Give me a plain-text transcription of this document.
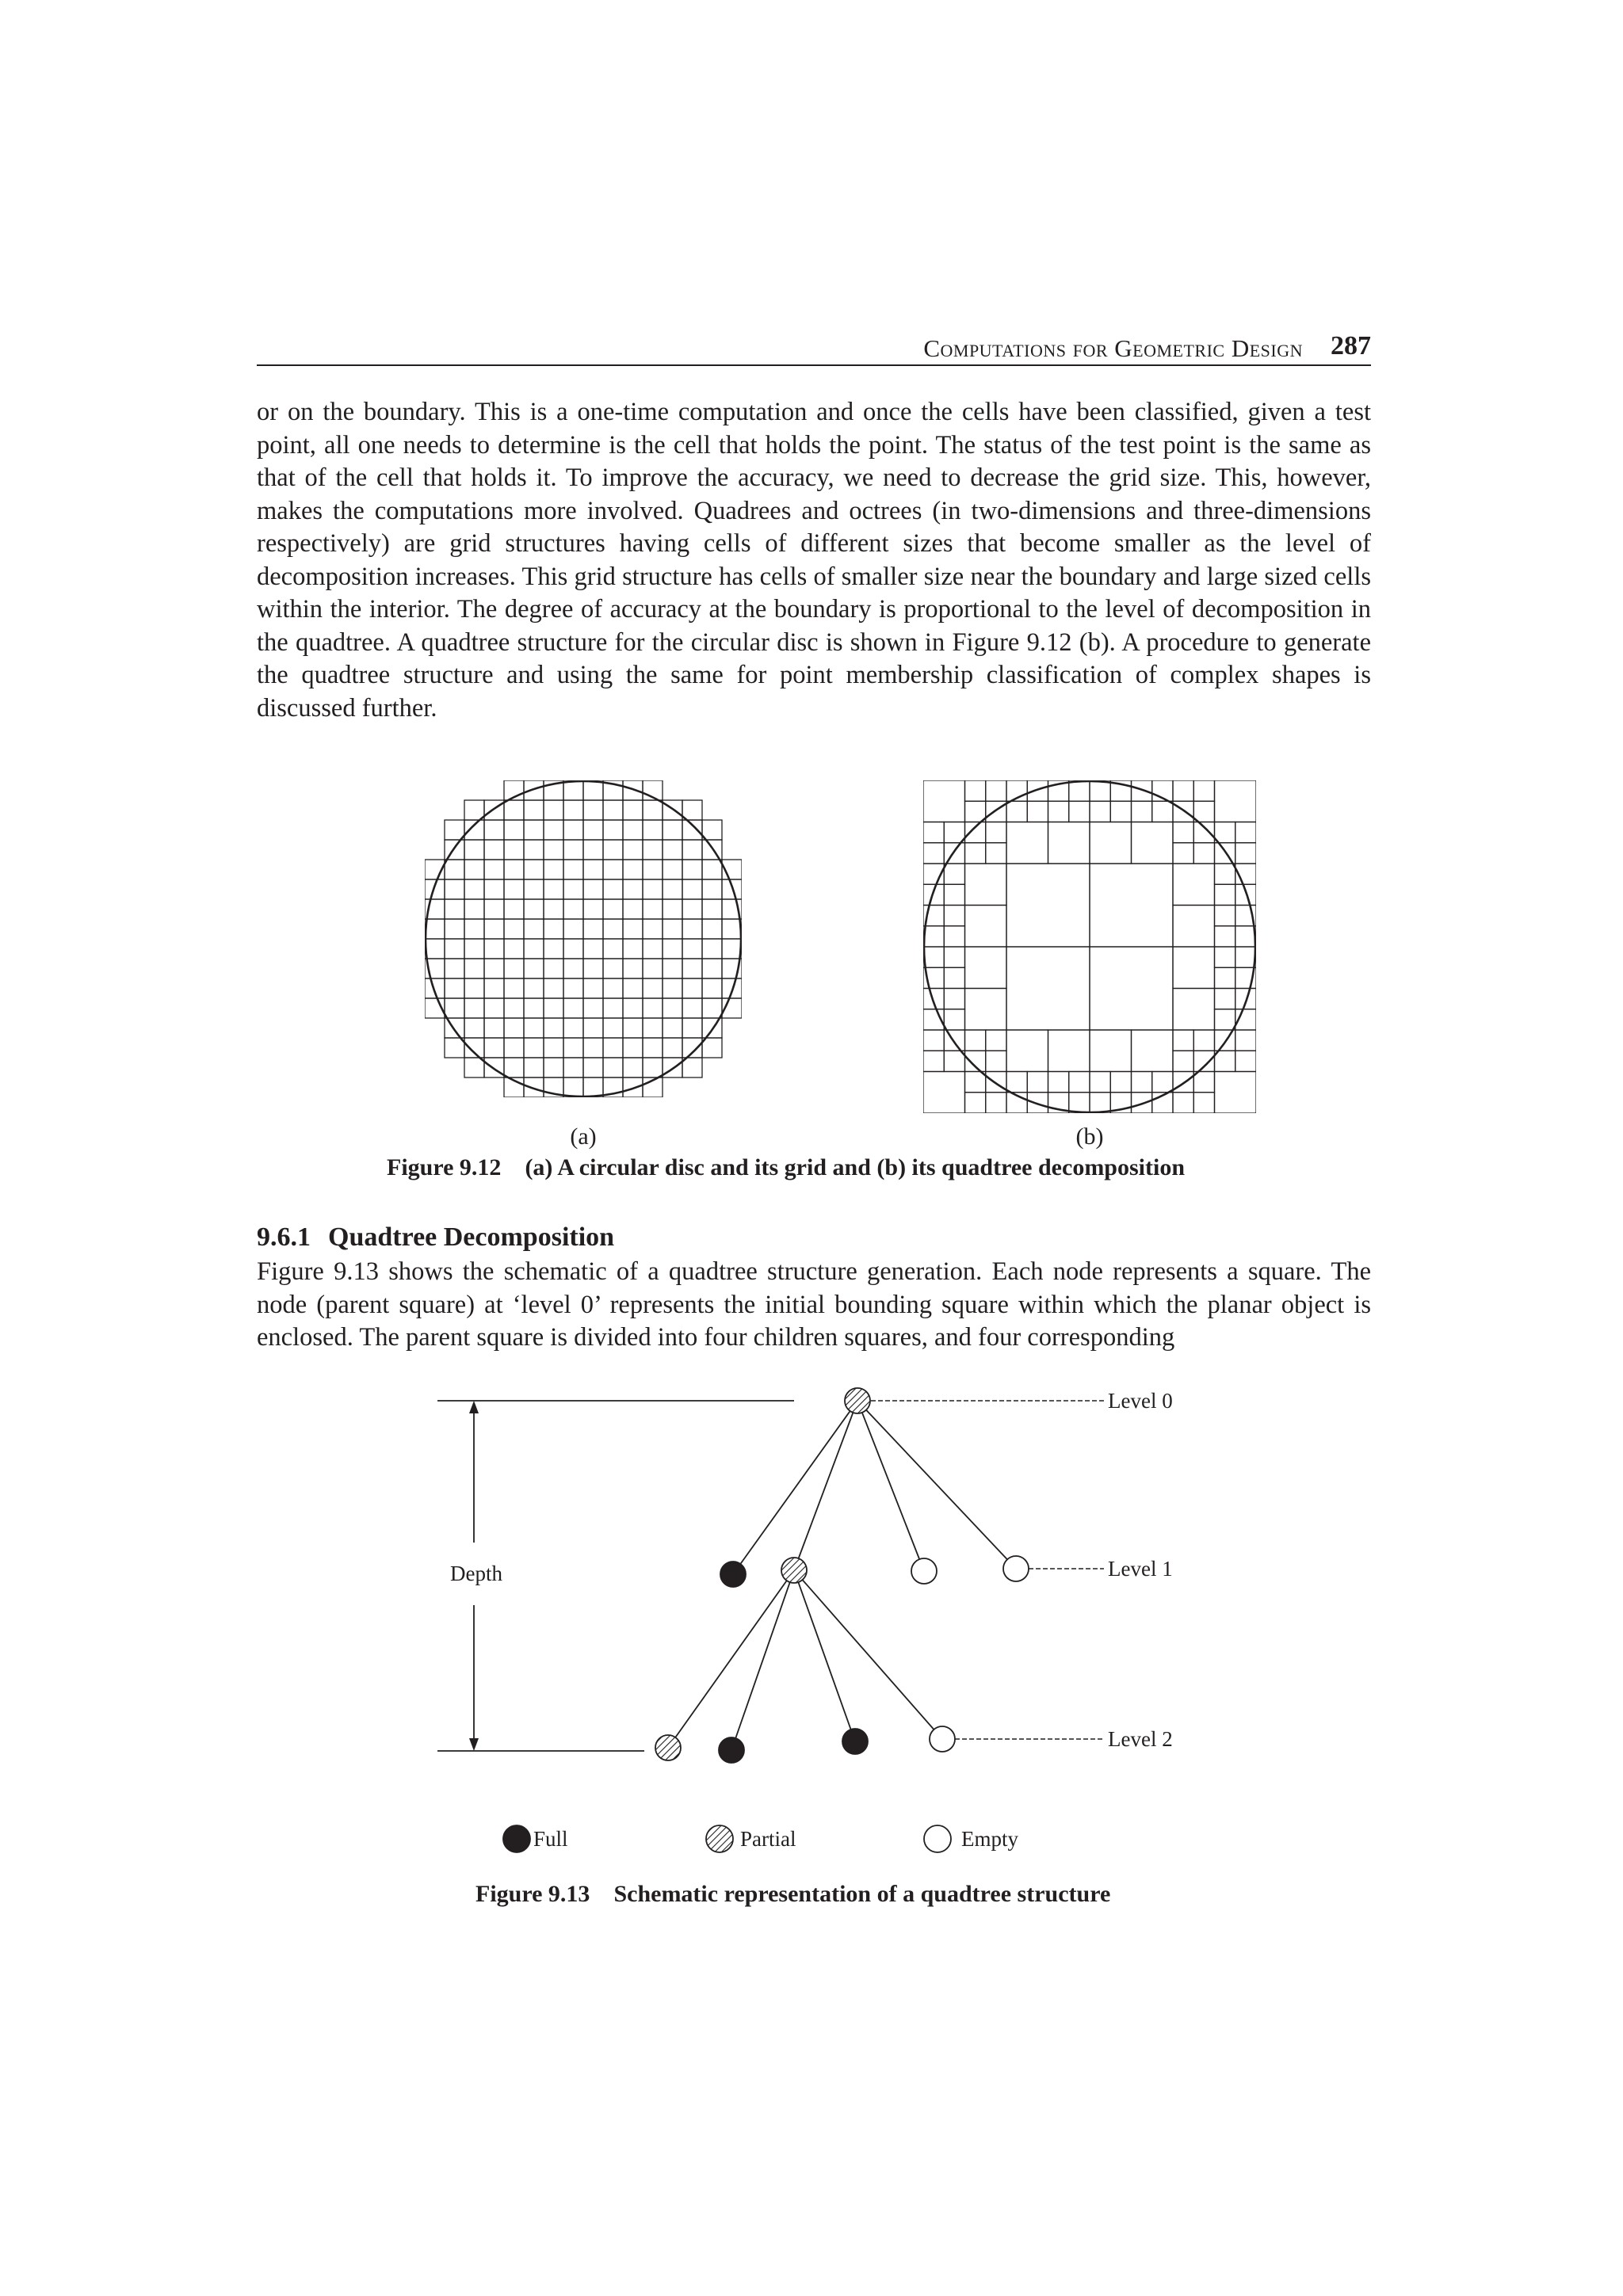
Computations for Geometric Design 287

or on the boundary. This is a one-time computation and once the cells have been classified, given a test point, all one needs to determine is the cell that holds the point. The status of the test point is the same as that of the cell that holds it. To improve the accuracy, we need to decrease the grid size. This, however, makes the computations more involved. Quadrees and octrees (in two-dimensions and three-dimensions respectively) are grid structures having cells of different sizes that become smaller as the level of decomposition increases. This grid structure has cells of smaller size near the boundary and large sized cells within the interior. The degree of accuracy at the boundary is proportional to the level of decomposition in the quadtree. A quadtree structure for the circular disc is shown in Figure 9.12 (b). A procedure to generate the quadtree structure and using the same for point membership classification of complex shapes is discussed further.

(a)	(b)
Figure 9.12 (a) A circular disc and its grid and (b) its quadtree decomposition
9.6.1 Quadtree Decomposition

Figure 9.13 shows the schematic of a quadtree structure generation. Each node represents a square. The node (parent square) at ‘level 0’ represents the initial bounding square within which the planar object is enclosed. The parent square is divided into four children squares, and four corresponding

Level 0
Level 1
Level 2
Depth
Full	Partial	Empty
Figure 9.13 Schematic representation of a quadtree structure
